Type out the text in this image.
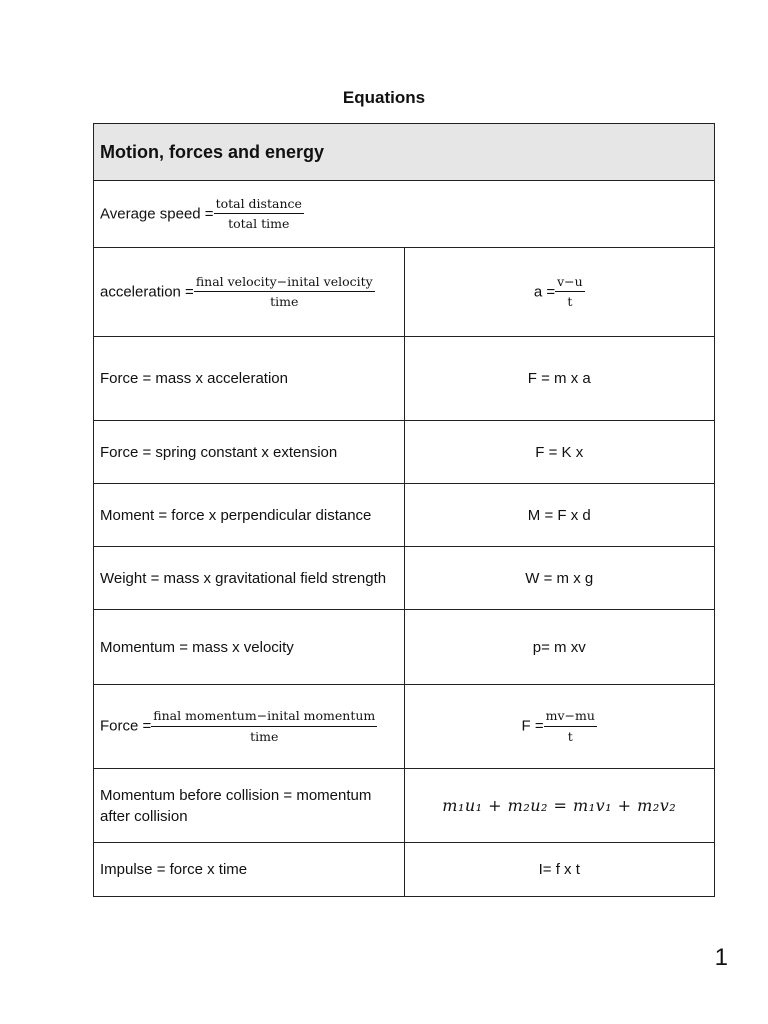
Equations
Motion, forces and energy	
Average speed = $\frac{\text{total distance}}{\text{total time}}$

acceleration = $\frac{\text{final velocity−inital velocity}}{\text{time}}$	$a = \frac{v-u}{t}$

Force = mass x acceleration	F = m x a
Force = spring constant x extension	F = K x
Moment = force x perpendicular distance	M = F x d
Weight = mass x gravitational field strength	W = m x g
Momentum = mass x velocity	p= m xv
Force = $\frac{\text{final momentum−inital momentum}}{\text{time}}$	$F = \frac{mv-mu}{t}$

Momentum before collision = momentum after collision	m₁u₁ + m₂u₂ = m₁v₁ + m₂v₂
Impulse = force x time	I= f x t
1
